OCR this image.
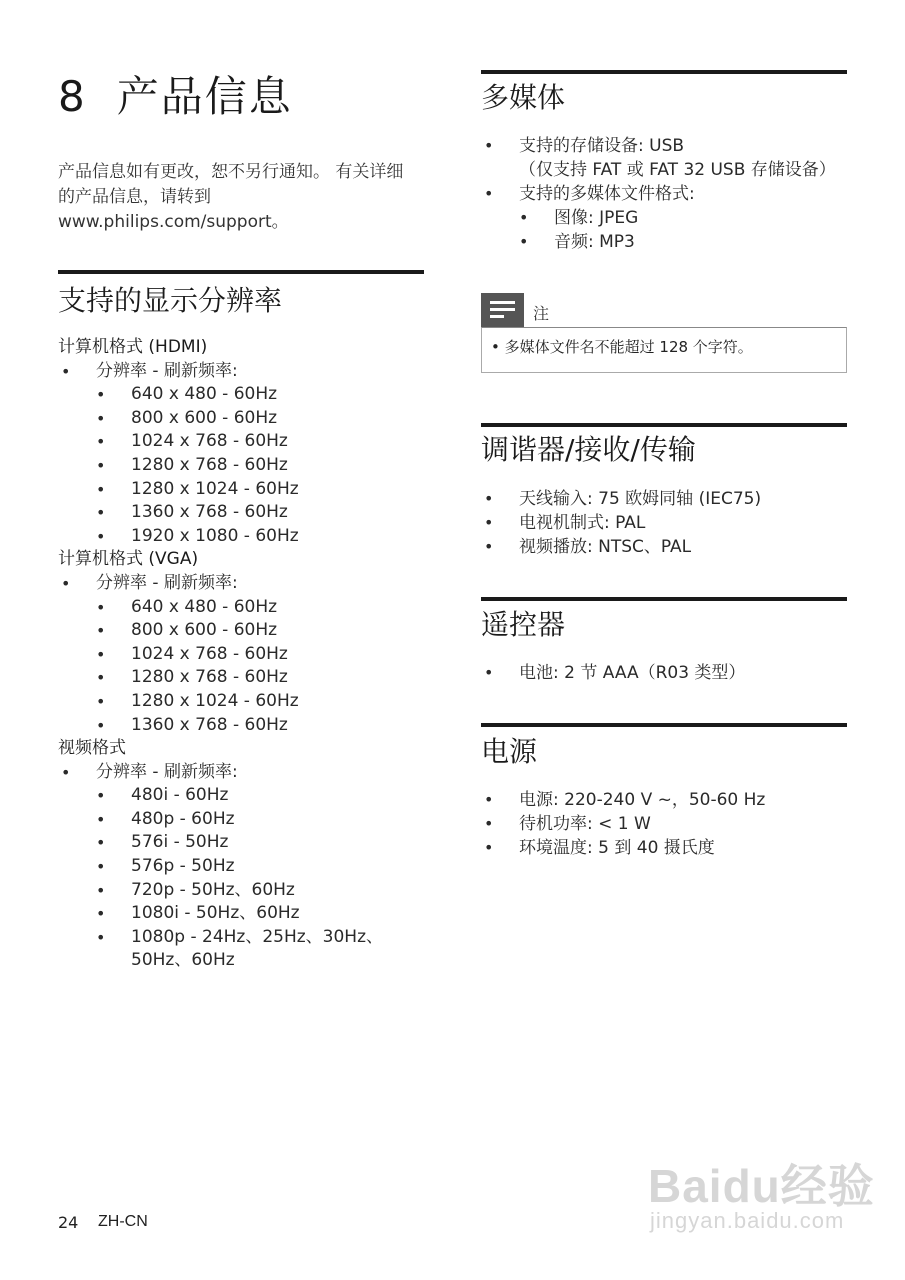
8 产品信息
产品信息如有更改，恕不另行通知。 有关详细的产品信息，请转到 www.philips.com/support。
支持的显示分辨率
计算机格式 (HDMI)
• 分辨率 - 刷新频率:
• 640 x 480 - 60Hz
• 800 x 600 - 60Hz
• 1024 x 768 - 60Hz
• 1280 x 768 - 60Hz
• 1280 x 1024 - 60Hz
• 1360 x 768 - 60Hz
• 1920 x 1080 - 60Hz
计算机格式 (VGA)
• 分辨率 - 刷新频率:
• 640 x 480 - 60Hz
• 800 x 600 - 60Hz
• 1024 x 768 - 60Hz
• 1280 x 768 - 60Hz
• 1280 x 1024 - 60Hz
• 1360 x 768 - 60Hz
视频格式
• 分辨率 - 刷新频率:
• 480i - 60Hz
• 480p - 60Hz
• 576i - 50Hz
• 576p - 50Hz
• 720p - 50Hz、60Hz
• 1080i - 50Hz、60Hz
• 1080p - 24Hz、25Hz、30Hz、50Hz、60Hz
多媒体
• 支持的存储设备: USB
（仅支持 FAT 或 FAT 32 USB 存储设备）
• 支持的多媒体文件格式:
• 图像: JPEG
• 音频: MP3
注
• 多媒体文件名不能超过 128 个字符。
调谐器/接收/传输
• 天线输入: 75 欧姆同轴 (IEC75)
• 电视机制式: PAL
• 视频播放: NTSC、PAL
遥控器
• 电池: 2 节 AAA（R03 类型）
电源
• 电源: 220-240 V ~，50-60 Hz
• 待机功率: < 1 W
• 环境温度: 5 到 40 摄氏度
24 ZH-CN
Baidu经验
jingyan.baidu.com
